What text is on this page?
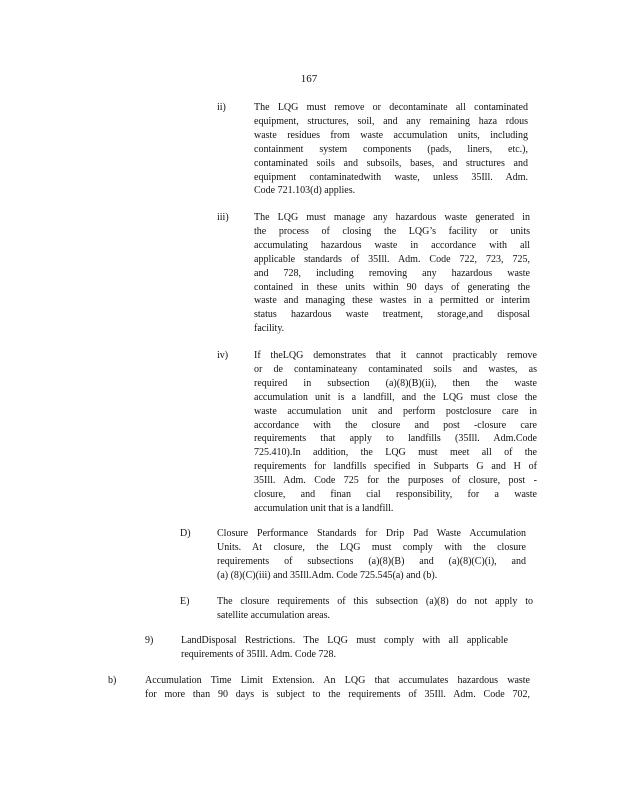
167
ii)	The LQG must remove or decontaminate all contaminated
equipment, structures, soil, and any remaining haza rdous
waste residues from waste accumulation units, including
containment system components (pads, liners, etc.),
contaminated soils and subsoils, bases, and structures and
equipment contaminatedwith waste, unless 35Ill. Adm.
Code 721.103(d) applies.
iii)	The LQG must manage any hazardous waste generated in
the process of closing the LQG’s facility or units
accumulating hazardous waste in accordance with all
applicable standards of 35Ill. Adm. Code 722, 723, 725,
and 728, including removing any hazardous waste
contained in these units within 90 days of generating the
waste and managing these wastes in a permitted or interim
status hazardous waste treatment, storage,and disposal
facility.
iv)	If theLQG demonstrates that it cannot practicably remove
or de contaminateany contaminated soils and wastes, as
required in subsection (a)(8)(B)(ii), then the waste
accumulation unit is a landfill, and the LQG must close the
waste accumulation unit and perform postclosure care in
accordance with the closure and post -closure care
requirements that apply to landfills (35Ill. Adm.Code
725.410).In addition, the LQG must meet all of the
requirements for landfills specified in Subparts G and H of
35Ill. Adm. Code 725 for the purposes of closure, post -
closure, and finan cial responsibility, for a waste
accumulation unit that is a landfill.
D)	Closure Performance Standards for Drip Pad Waste Accumulation
Units. At closure, the LQG must comply with the closure
requirements of subsections (a)(8)(B) and (a)(8)(C)(i), and
(a) (8)(C)(iii) and 35Ill.Adm. Code 725.545(a) and (b).
E)	The closure requirements of this subsection (a)(8) do not apply to
satellite accumulation areas.
9)	LandDisposal Restrictions. The LQG must comply with all applicable
requirements of 35Ill. Adm. Code 728.
b)	Accumulation Time Limit Extension. An LQG that accumulates hazardous waste
for more than 90 days is subject to the requirements of 35Ill. Adm. Code 702,
